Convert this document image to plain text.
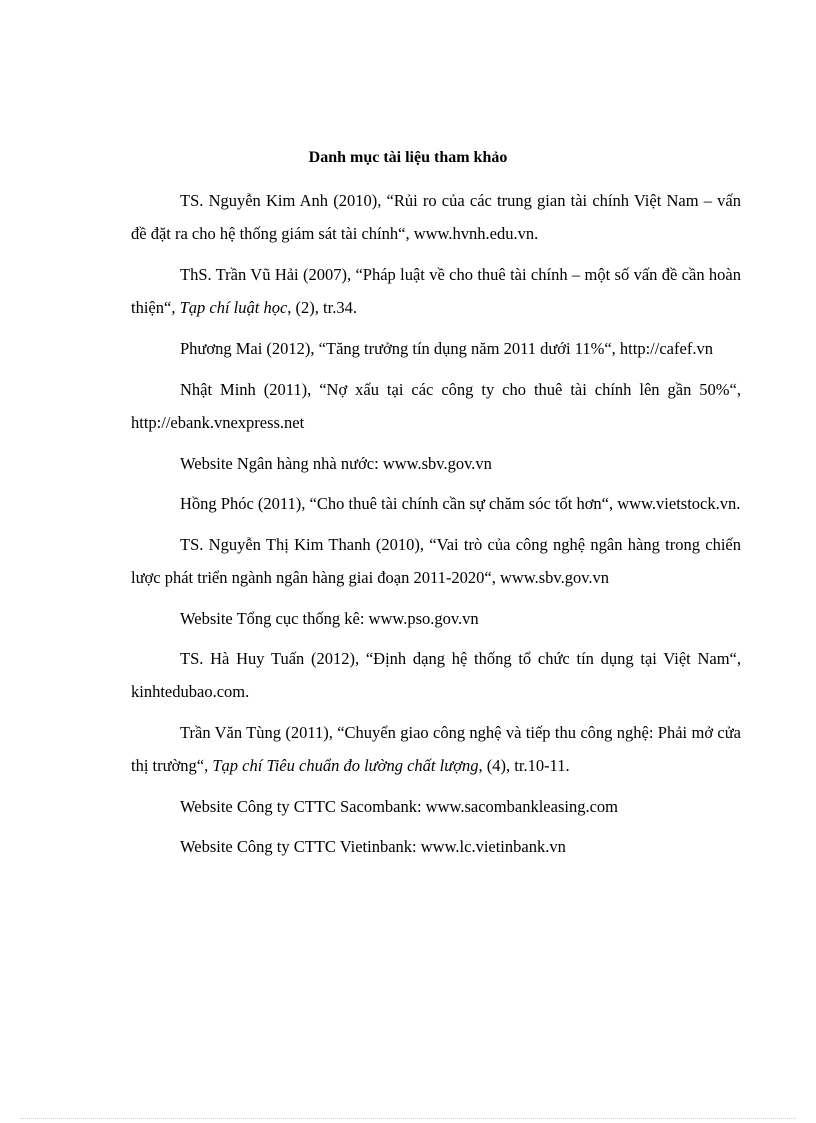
Danh mục tài liệu tham khảo

TS. Nguyễn Kim Anh (2010), “Rủi ro của các trung gian tài chính Việt Nam – vấn đề đặt ra cho hệ thống giám sát tài chính“, www.hvnh.edu.vn.

ThS. Trần Vũ Hải (2007), “Pháp luật về cho thuê tài chính – một số vấn đề cần hoàn thiện“, Tạp chí luật học, (2), tr.34.

Phương Mai (2012), “Tăng trưởng tín dụng năm 2011 dưới 11%“, http://cafef.vn

Nhật Minh (2011), “Nợ xấu tại các công ty cho thuê tài chính lên gần 50%“, http://ebank.vnexpress.net

Website Ngân hàng nhà nước: www.sbv.gov.vn

Hồng Phóc (2011), “Cho thuê tài chính cần sự chăm sóc tốt hơn“, www.vietstock.vn.

TS. Nguyễn Thị Kim Thanh (2010), “Vai trò của công nghệ ngân hàng trong chiến lược phát triển ngành ngân hàng giai đoạn 2011-2020“, www.sbv.gov.vn

Website Tổng cục thống kê: www.pso.gov.vn

TS. Hà Huy Tuấn (2012), “Định dạng hệ thống tổ chức tín dụng tại Việt Nam“, kinhtedubao.com.

Trần Văn Tùng (2011), “Chuyển giao công nghệ và tiếp thu công nghệ: Phải mở cửa thị trường“, Tạp chí Tiêu chuẩn đo lường chất lượng, (4), tr.10-11.

Website Công ty CTTC Sacombank: www.sacombankleasing.com

Website Công ty CTTC Vietinbank: www.lc.vietinbank.vn
